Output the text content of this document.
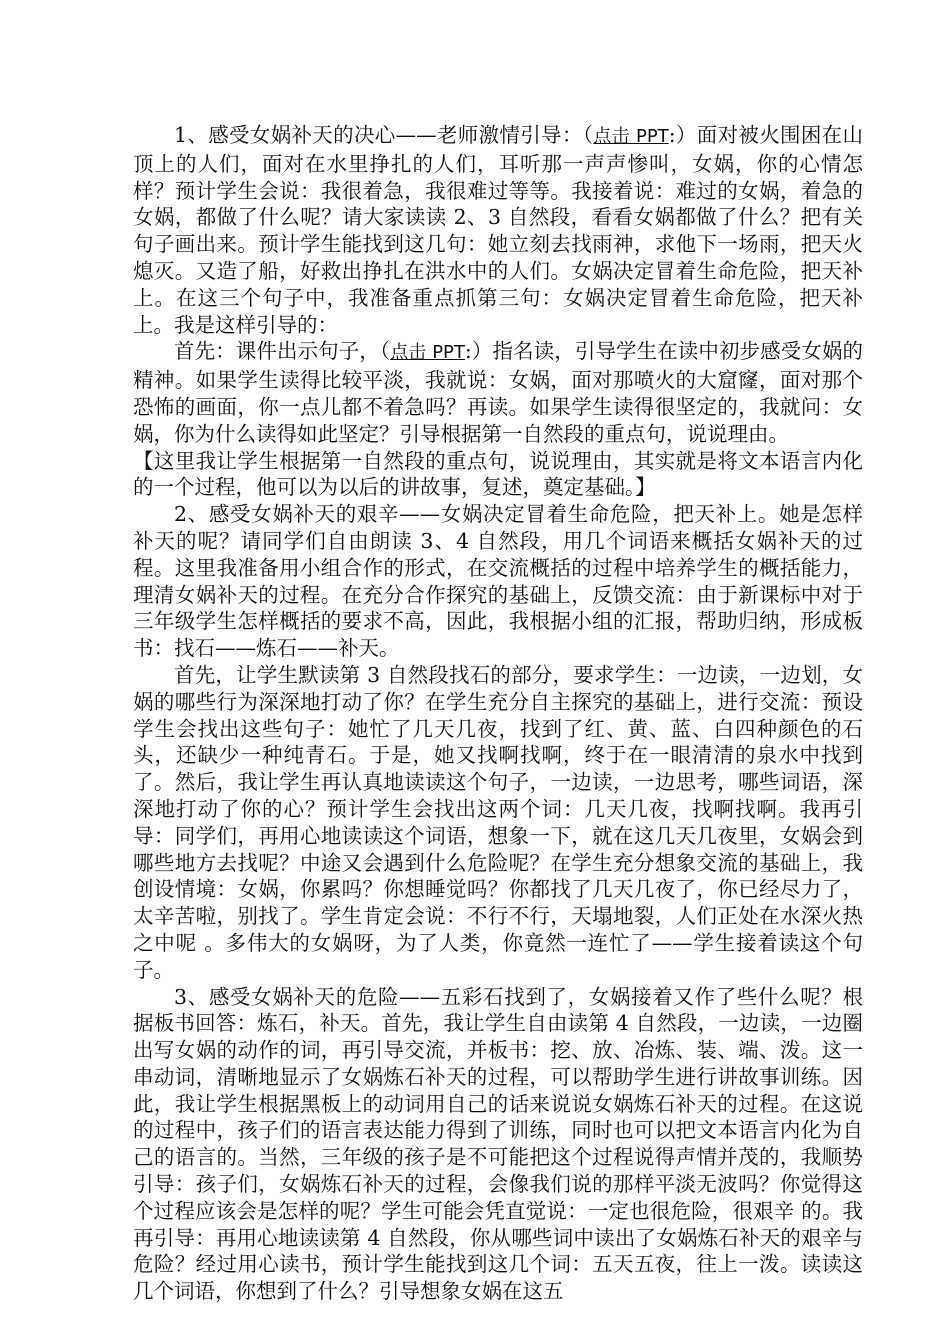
1、感受女娲补天的决心——老师激情引导：（点击 PPT:）面对被火围困在山顶上的人们，面对在水里挣扎的人们，耳听那一声声惨叫，女娲，你的心情怎样？预计学生会说：我很着急，我很难过等等。我接着说：难过的女娲，着急的女娲，都做了什么呢？请大家读读 2、3 自然段，看看女娲都做了什么？把有关句子画出来。预计学生能找到这几句：她立刻去找雨神，求他下一场雨，把天火熄灭。又造了船，好救出挣扎在洪水中的人们。女娲决定冒着生命危险，把天补上。在这三个句子中，我准备重点抓第三句：女娲决定冒着生命危险，把天补上。我是这样引导的：

首先：课件出示句子，（点击 PPT:）指名读，引导学生在读中初步感受女娲的精神。如果学生读得比较平淡，我就说：女娲，面对那喷火的大窟窿，面对那个恐怖的画面，你一点儿都不着急吗？再读。如果学生读得很坚定的，我就问：女娲，你为什么读得如此坚定？引导根据第一自然段的重点句，说说理由。

【这里我让学生根据第一自然段的重点句，说说理由，其实就是将文本语言内化的一个过程，他可以为以后的讲故事，复述，奠定基础。】

2、感受女娲补天的艰辛——女娲决定冒着生命危险，把天补上。她是怎样补天的呢？请同学们自由朗读 3、4 自然段，用几个词语来概括女娲补天的过程。这里我准备用小组合作的形式，在交流概括的过程中培养学生的概括能力，理清女娲补天的过程。在充分合作探究的基础上，反馈交流：由于新课标中对于三年级学生怎样概括的要求不高，因此，我根据小组的汇报，帮助归纳，形成板书：找石——炼石——补天。

首先，让学生默读第 3 自然段找石的部分，要求学生：一边读，一边划，女娲的哪些行为深深地打动了你？在学生充分自主探究的基础上，进行交流：预设学生会找出这些句子：她忙了几天几夜，找到了红、黄、蓝、白四种颜色的石头，还缺少一种纯青石。于是，她又找啊找啊，终于在一眼清清的泉水中找到了。然后，我让学生再认真地读读这个句子，一边读，一边思考，哪些词语，深深地打动了你的心？预计学生会找出这两个词：几天几夜，找啊找啊。我再引导：同学们，再用心地读读这个词语，想象一下，就在这几天几夜里，女娲会到哪些地方去找呢？中途又会遇到什么危险呢？在学生充分想象交流的基础上，我创设情境：女娲，你累吗？你想睡觉吗？你都找了几天几夜了，你已经尽力了，太辛苦啦，别找了。学生肯定会说：不行不行，天塌地裂，人们正处在水深火热之中呢 。多伟大的女娲呀，为了人类，你竟然一连忙了——学生接着读这个句子。

3、感受女娲补天的危险——五彩石找到了，女娲接着又作了些什么呢？根据板书回答：炼石，补天。首先，我让学生自由读第 4 自然段，一边读，一边圈出写女娲的动作的词，再引导交流，并板书：挖、放、冶炼、装、端、泼。这一串动词，清晰地显示了女娲炼石补天的过程，可以帮助学生进行讲故事训练。因此，我让学生根据黑板上的动词用自己的话来说说女娲炼石补天的过程。在这说的过程中，孩子们的语言表达能力得到了训练，同时也可以把文本语言内化为自己的语言的。当然，三年级的孩子是不可能把这个过程说得声情并茂的，我顺势引导：孩子们，女娲炼石补天的过程，会像我们说的那样平淡无波吗？你觉得这个过程应该会是怎样的呢？学生可能会凭直觉说：一定也很危险，很艰辛 的。我再引导：再用心地读读第 4 自然段，你从哪些词中读出了女娲炼石补天的艰辛与危险？经过用心读书，预计学生能找到这几个词：五天五夜，往上一泼。读读这几个词语，你想到了什么？引导想象女娲在这五
